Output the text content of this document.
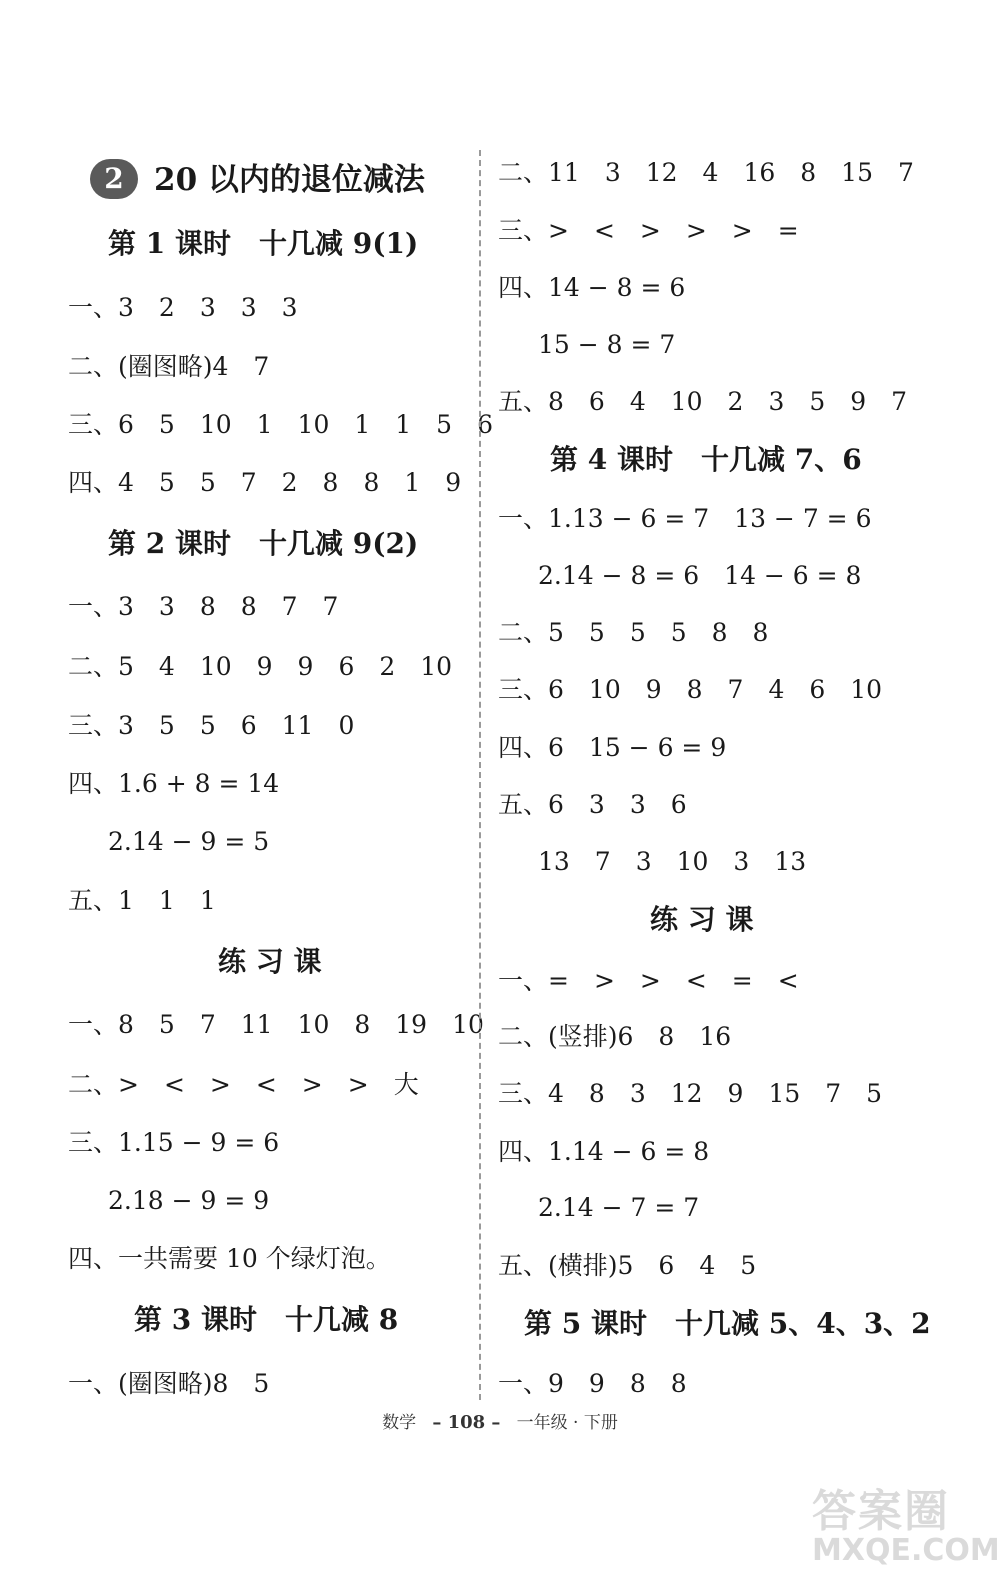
2 20 以内的退位减法
第 1 课时　十几减 9(1)
一、3　2　3　3　3
二、(圈图略)4　7
三、6　5　10　1　10　1　1　5　6
四、4　5　5　7　2　8　8　1　9
第 2 课时　十几减 9(2)
一、3　3　8　8　7　7
二、5　4　10　9　9　6　2　10
三、3　5　5　6　11　0
四、1.6 + 8 = 14
2.14 − 9 = 5
五、1　1　1
练 习 课
一、8　5　7　11　10　8　19　10
二、>　<　>　<　>　>　大
三、1.15 − 9 = 6
2.18 − 9 = 9
四、一共需要 10 个绿灯泡。
第 3 课时　十几减 8
一、(圈图略)8　5
二、11　3　12　4　16　8　15　7
三、>　<　>　>　>　=
四、14 − 8 = 6
15 − 8 = 7
五、8　6　4　10　2　3　5　9　7
第 4 课时　十几减 7、6
一、1.13 − 6 = 7　13 − 7 = 6
2.14 − 8 = 6　14 − 6 = 8
二、5　5　5　5　8　8
三、6　10　9　8　7　4　6　10
四、6　15 − 6 = 9
五、6　3　3　6
13　7　3　10　3　13
练 习 课
一、=　>　>　<　=　<
二、(竖排)6　8　16
三、4　8　3　12　9　15　7　5
四、1.14 − 6 = 8
2.14 − 7 = 7
五、(横排)5　6　4　5
第 5 课时　十几减 5、4、3、2
一、9　9　8　8
数学 – 108 – 一年级 · 下册
答案圈
MXQE.COM
